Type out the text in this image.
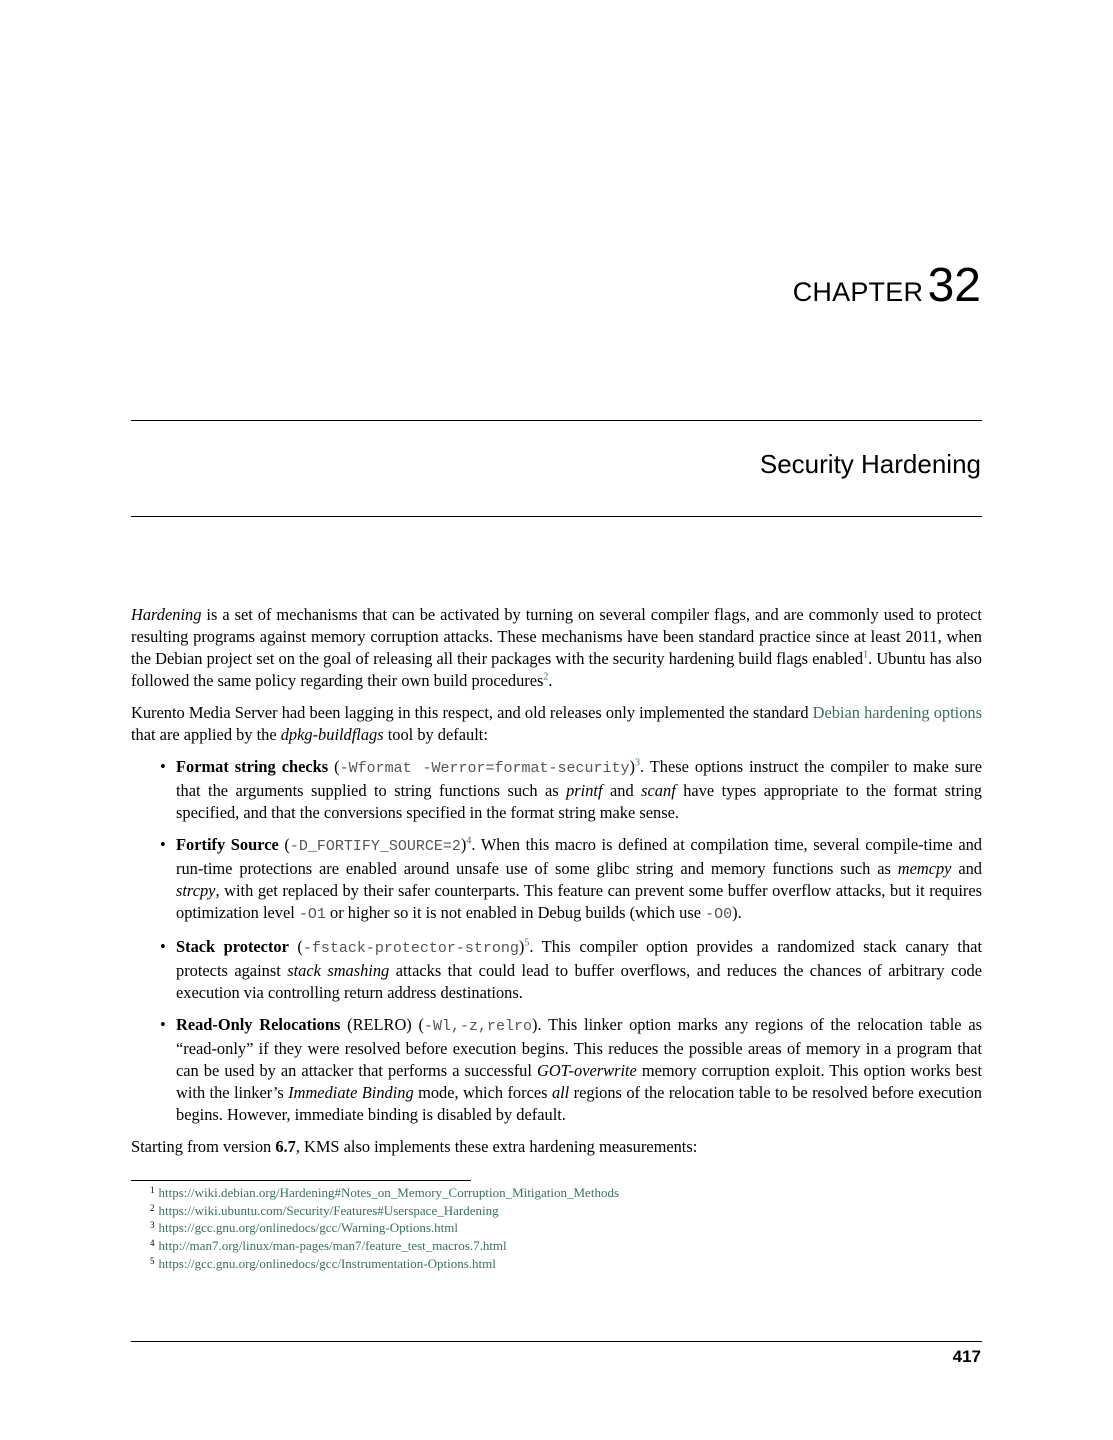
CHAPTER 32
Security Hardening

Hardening is a set of mechanisms that can be activated by turning on several compiler flags, and are commonly used to protect resulting programs against memory corruption attacks. These mechanisms have been standard practice since at least 2011, when the Debian project set on the goal of releasing all their packages with the security hardening build flags enabled$^1$. Ubuntu has also followed the same policy regarding their own build procedures$^2$.

Kurento Media Server had been lagging in this respect, and old releases only implemented the standard Debian hardening options that are applied by the dpkg-buildflags tool by default:

• Format string checks (-Wformat -Werror=format-security)$^3$. These options instruct the compiler to make sure that the arguments supplied to string functions such as printf and scanf have types appropriate to the format string specified, and that the conversions specified in the format string make sense.
• Fortify Source (-D_FORTIFY_SOURCE=2)$^4$. When this macro is defined at compilation time, several compile-time and run-time protections are enabled around unsafe use of some glibc string and memory functions such as memcpy and strcpy, with get replaced by their safer counterparts. This feature can prevent some buffer overflow attacks, but it requires optimization level -O1 or higher so it is not enabled in Debug builds (which use -O0).
• Stack protector (-fstack-protector-strong)$^5$. This compiler option provides a randomized stack canary that protects against stack smashing attacks that could lead to buffer overflows, and reduces the chances of arbitrary code execution via controlling return address destinations.
• Read-Only Relocations (RELRO) (-Wl,-z,relro). This linker option marks any regions of the relocation table as “read-only” if they were resolved before execution begins. This reduces the possible areas of memory in a program that can be used by an attacker that performs a successful GOT-overwrite memory corruption exploit. This option works best with the linker’s Immediate Binding mode, which forces all regions of the relocation table to be resolved before execution begins. However, immediate binding is disabled by default.

Starting from version 6.7, KMS also implements these extra hardening measurements:

$^1$ https://wiki.debian.org/Hardening#Notes_on_Memory_Corruption_Mitigation_Methods
$^2$ https://wiki.ubuntu.com/Security/Features#Userspace_Hardening
$^3$ https://gcc.gnu.org/onlinedocs/gcc/Warning-Options.html
$^4$ http://man7.org/linux/man-pages/man7/feature_test_macros.7.html
$^5$ https://gcc.gnu.org/onlinedocs/gcc/Instrumentation-Options.html
417
